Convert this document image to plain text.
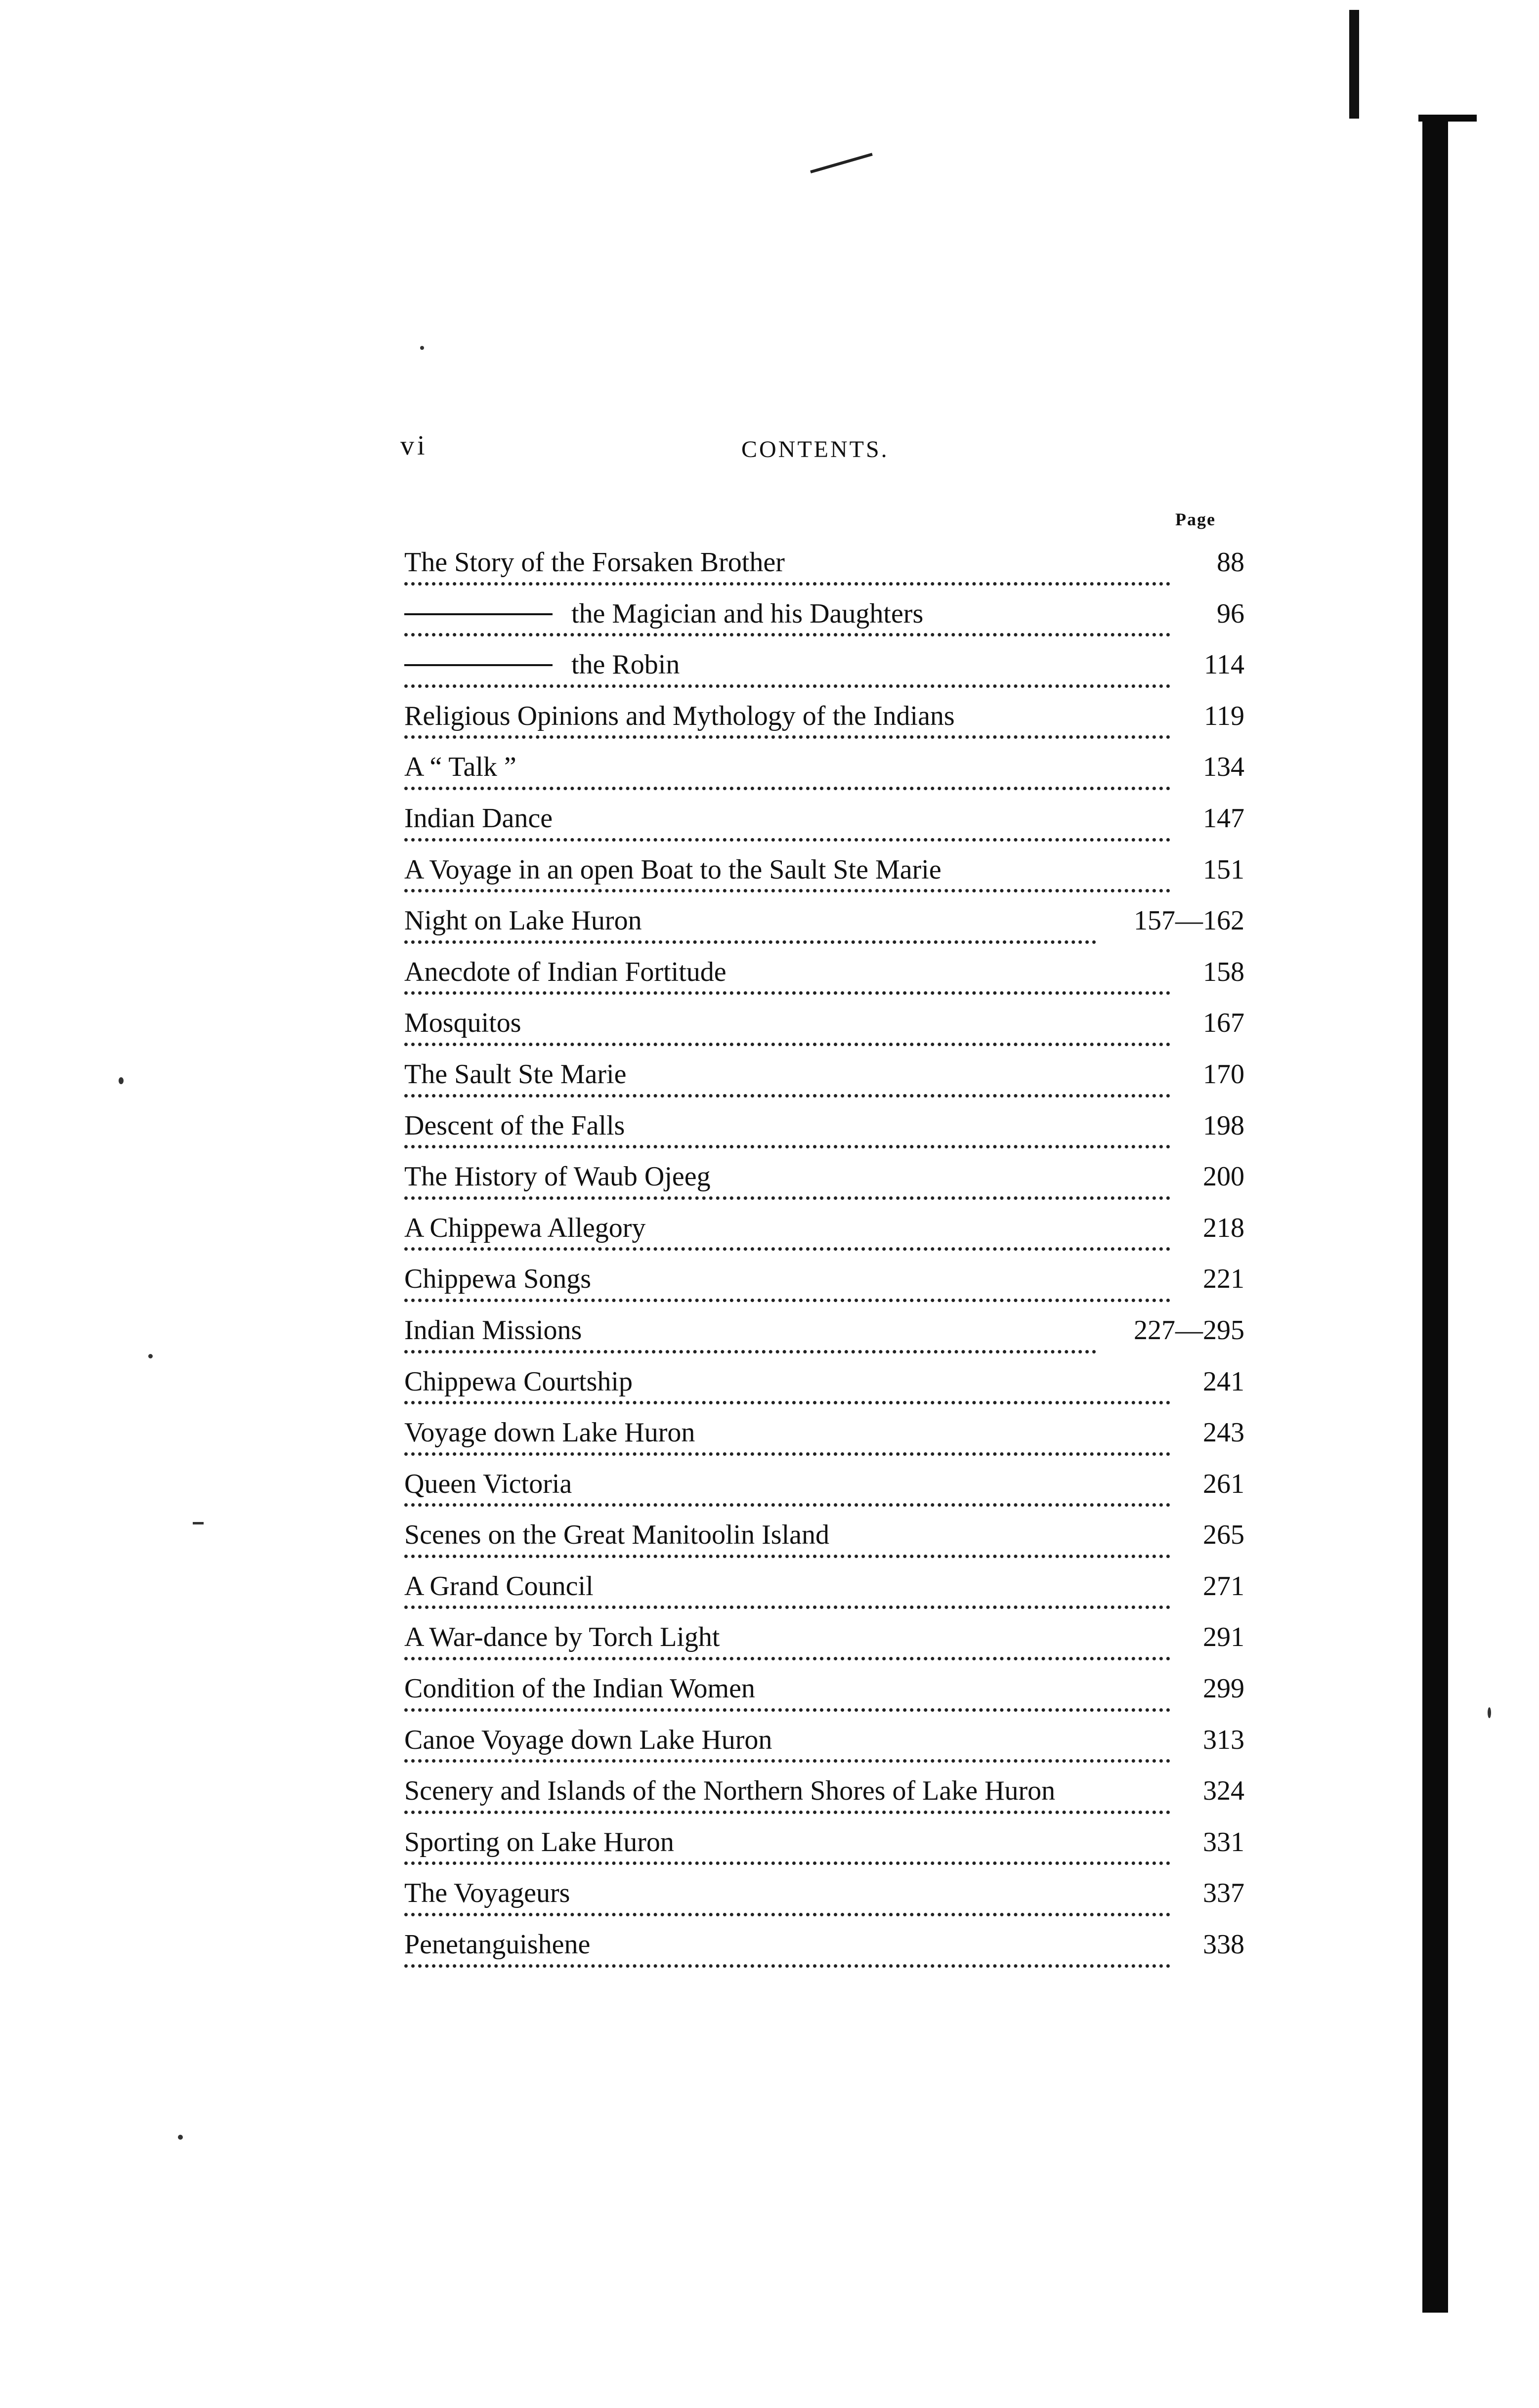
vi	CONTENTS.
Page
The Story of the Forsaken Brother	88
the Magician and his Daughters	96
the Robin	114
Religious Opinions and Mythology of the Indians	119
A “ Talk ”	134
Indian Dance	147
A Voyage in an open Boat to the Sault Ste Marie	151
Night on Lake Huron	157—162
Anecdote of Indian Fortitude	158
Mosquitos	167
The Sault Ste Marie	170
Descent of the Falls	198
The History of Waub Ojeeg	200
A Chippewa Allegory	218
Chippewa Songs	221
Indian Missions	227—295
Chippewa Courtship	241
Voyage down Lake Huron	243
Queen Victoria	261
Scenes on the Great Manitoolin Island	265
A Grand Council	271
A War-dance by Torch Light	291
Condition of the Indian Women	299
Canoe Voyage down Lake Huron	313
Scenery and Islands of the Northern Shores of Lake Huron	324
Sporting on Lake Huron	331
The Voyageurs	337
Penetanguishene	338
